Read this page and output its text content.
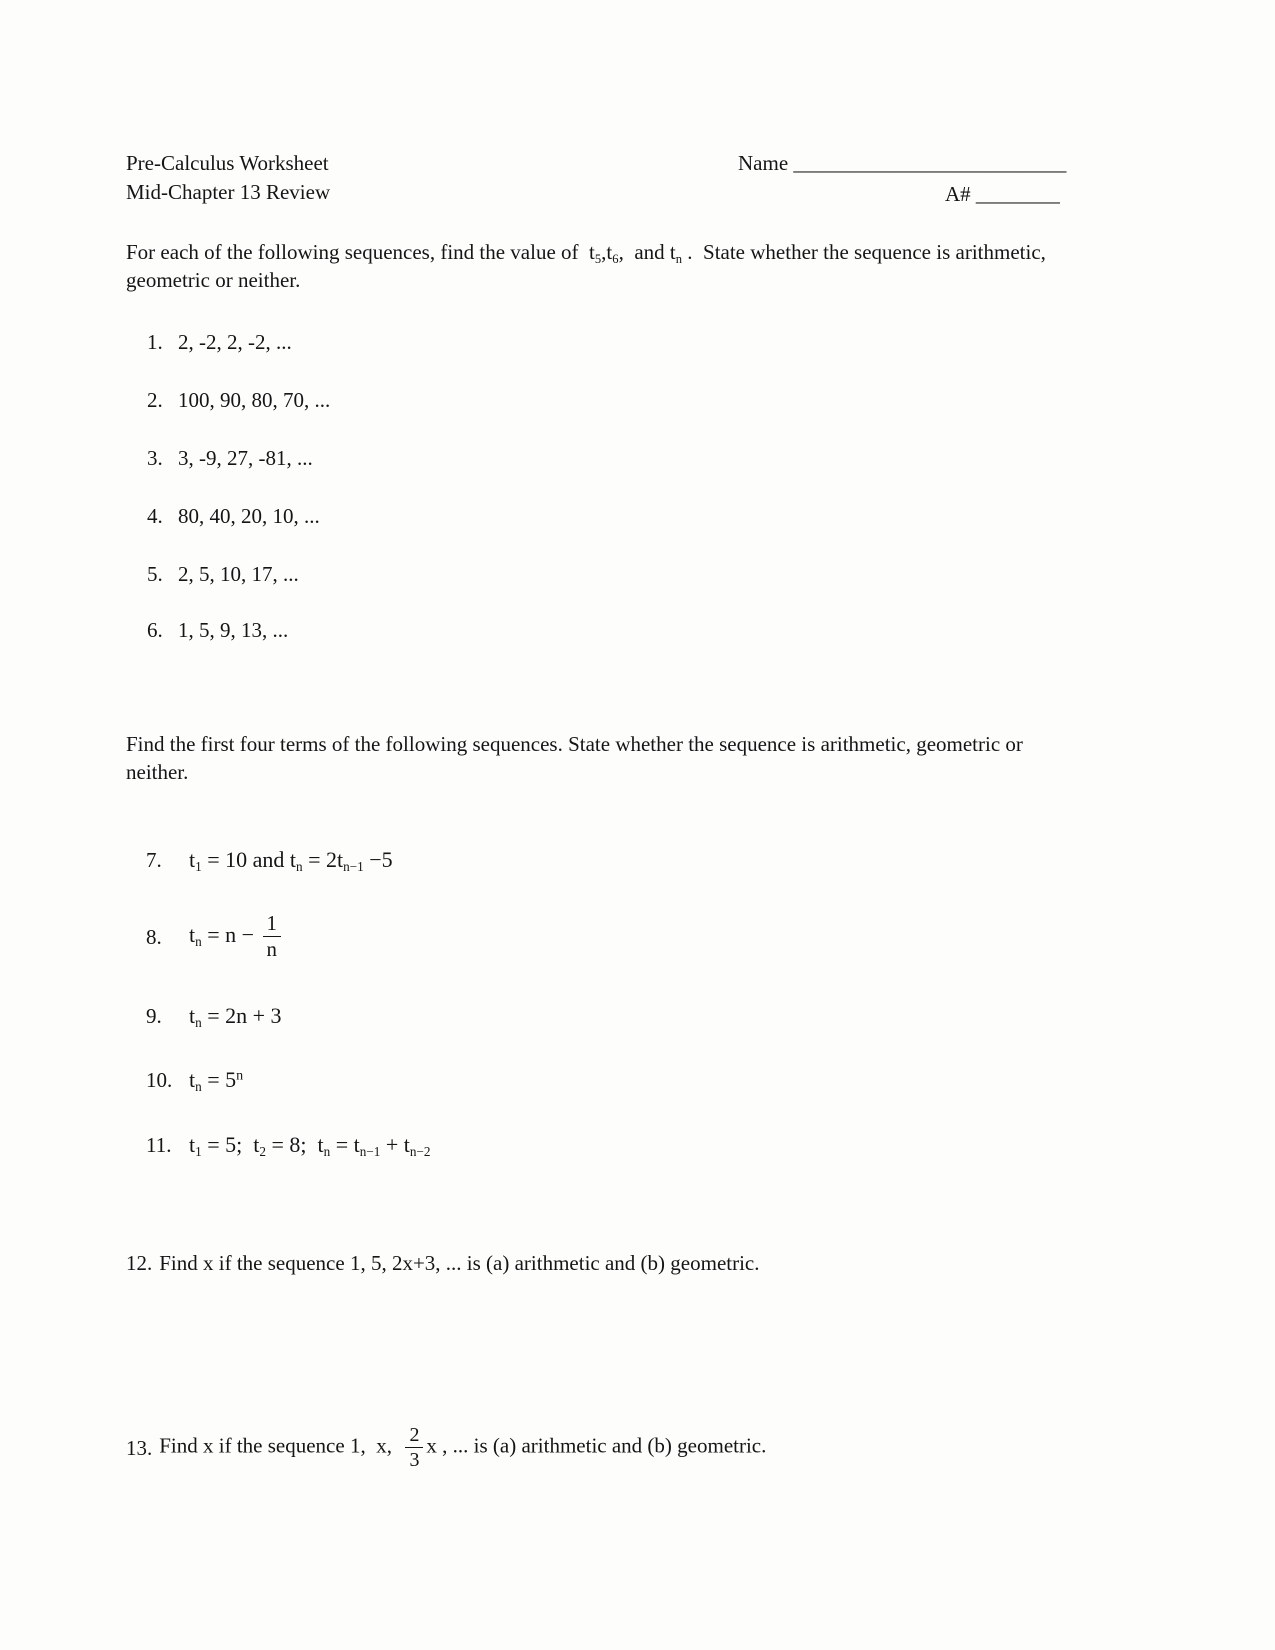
Pre-Calculus Worksheet
Mid-Chapter 13 Review
Name __________________________
A# ________
For each of the following sequences, find the value of  $t_5,t_6$,  and $t_n$ .  State whether the sequence is arithmetic, geometric or neither.
1. 2, -2, 2, -2, ...
2. 100, 90, 80, 70, ...
3. 3, -9, 27, -81, ...
4. 80, 40, 20, 10, ...
5. 2, 5, 10, 17, ...
6. 1, 5, 9, 13, ...
Find the first four terms of the following sequences. State whether the sequence is arithmetic, geometric or neither.
7.	$t_1 = 10$ and $t_n = 2t_{n-1} -5$
8.	$t_n = n - \frac{1}{n}$
9.	$t_n = 2n + 3$
10. $t_n = 5^n$
11. $t_1 = 5$;  $t_2 = 8$;  $t_n = t_{n-1} + t_{n-2}$
12. Find x if the sequence 1, 5, 2x+3, ... is (a) arithmetic and (b) geometric.
13. Find x if the sequence 1,  x, $\frac{2}{3}$ x , ... is (a) arithmetic and (b) geometric.
